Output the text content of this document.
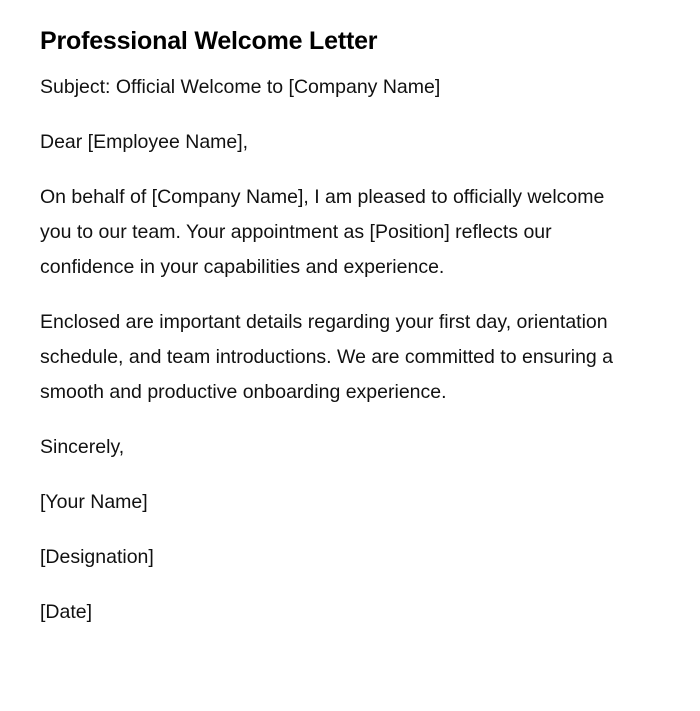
Professional Welcome Letter

Subject: Official Welcome to [Company Name]

Dear [Employee Name],

On behalf of [Company Name], I am pleased to officially welcome you to our team. Your appointment as [Position] reflects our confidence in your capabilities and experience.

Enclosed are important details regarding your first day, orientation schedule, and team introductions. We are committed to ensuring a smooth and productive onboarding experience.

Sincerely,

[Your Name]

[Designation]

[Date]
